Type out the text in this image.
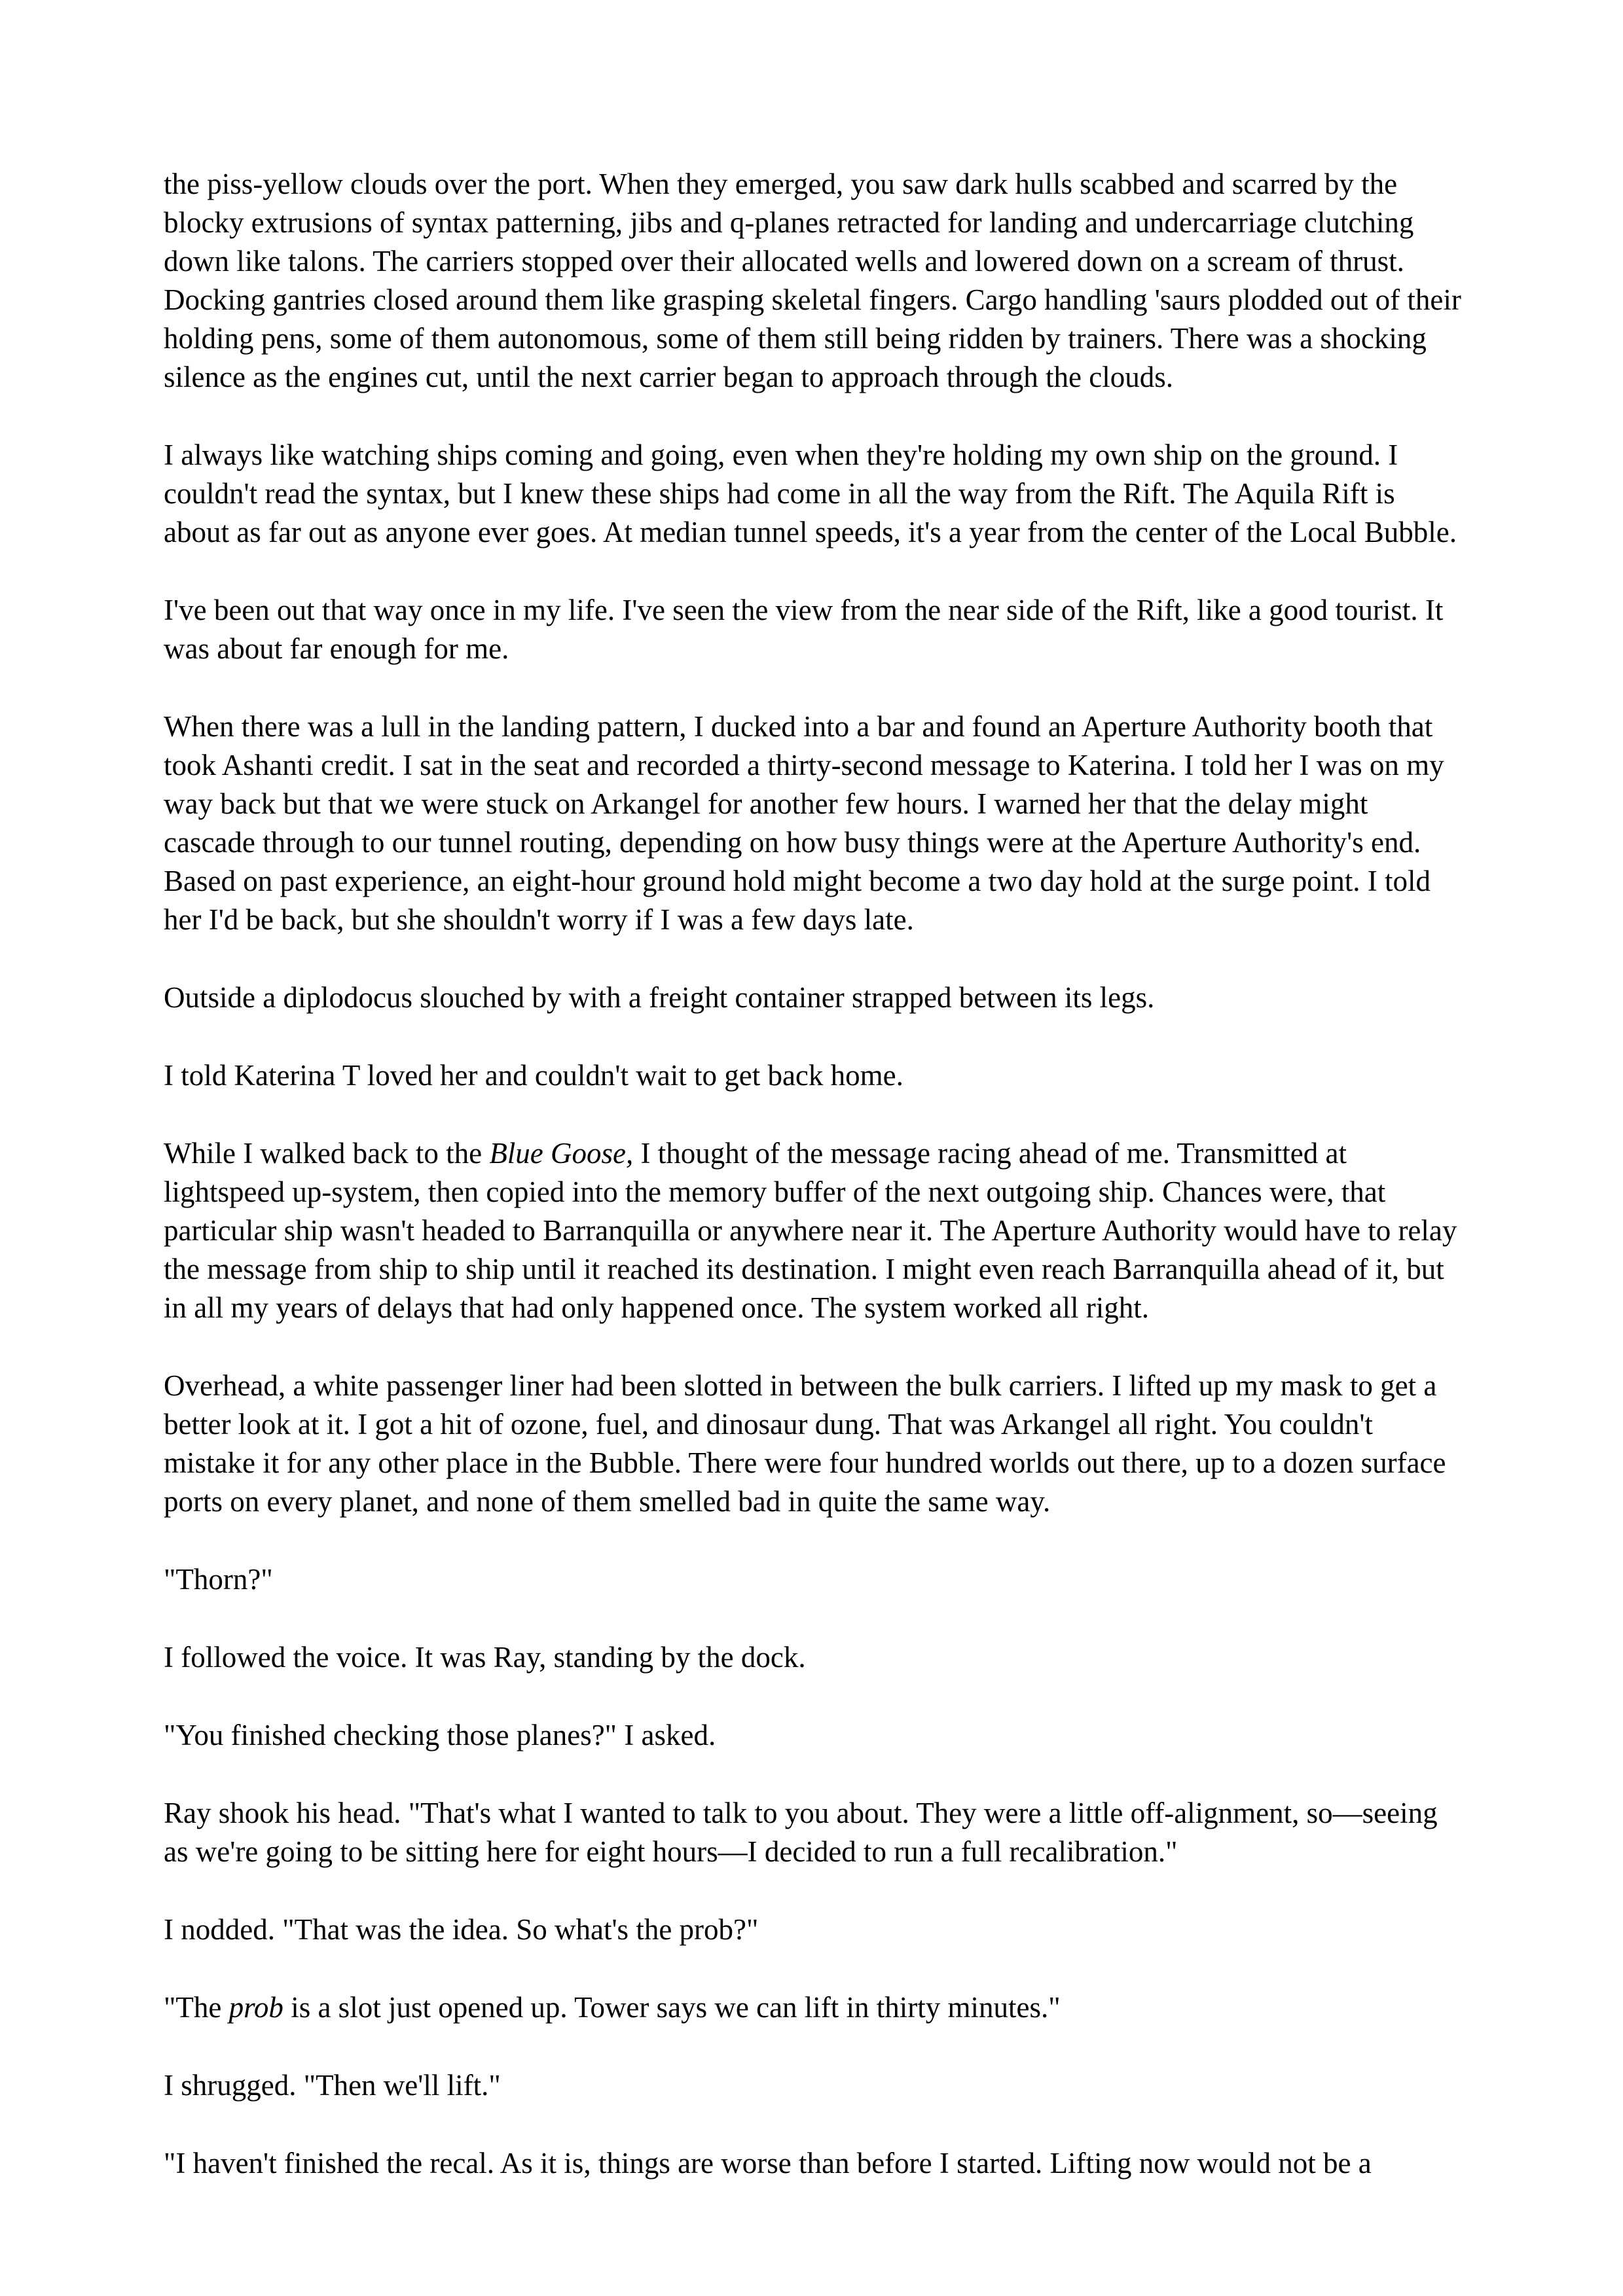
the piss-yellow clouds over the port. When they emerged, you saw dark hulls scabbed and scarred by the blocky extrusions of syntax patterning, jibs and q-planes retracted for landing and undercarriage clutching down like talons. The carriers stopped over their allocated wells and lowered down on a scream of thrust. Docking gantries closed around them like grasping skeletal fingers. Cargo handling 'saurs plodded out of their holding pens, some of them autonomous, some of them still being ridden by trainers. There was a shocking silence as the engines cut, until the next carrier began to approach through the clouds.

I always like watching ships coming and going, even when they're holding my own ship on the ground. I couldn't read the syntax, but I knew these ships had come in all the way from the Rift. The Aquila Rift is about as far out as anyone ever goes. At median tunnel speeds, it's a year from the center of the Local Bubble.

I've been out that way once in my life. I've seen the view from the near side of the Rift, like a good tourist. It was about far enough for me.

When there was a lull in the landing pattern, I ducked into a bar and found an Aperture Authority booth that took Ashanti credit. I sat in the seat and recorded a thirty-second message to Katerina. I told her I was on my way back but that we were stuck on Arkangel for another few hours. I warned her that the delay might cascade through to our tunnel routing, depending on how busy things were at the Aperture Authority's end. Based on past experience, an eight-hour ground hold might become a two day hold at the surge point. I told her I'd be back, but she shouldn't worry if I was a few days late.

Outside a diplodocus slouched by with a freight container strapped between its legs.

I told Katerina T loved her and couldn't wait to get back home.

While I walked back to the Blue Goose, I thought of the message racing ahead of me. Transmitted at lightspeed up-system, then copied into the memory buffer of the next outgoing ship. Chances were, that particular ship wasn't headed to Barranquilla or anywhere near it. The Aperture Authority would have to relay the message from ship to ship until it reached its destination. I might even reach Barranquilla ahead of it, but in all my years of delays that had only happened once. The system worked all right.

Overhead, a white passenger liner had been slotted in between the bulk carriers. I lifted up my mask to get a better look at it. I got a hit of ozone, fuel, and dinosaur dung. That was Arkangel all right. You couldn't mistake it for any other place in the Bubble. There were four hundred worlds out there, up to a dozen surface ports on every planet, and none of them smelled bad in quite the same way.

"Thorn?"

I followed the voice. It was Ray, standing by the dock.

"You finished checking those planes?" I asked.

Ray shook his head. "That's what I wanted to talk to you about. They were a little off-alignment, so—seeing as we're going to be sitting here for eight hours—I decided to run a full recalibration."

I nodded. "That was the idea. So what's the prob?"

"The prob is a slot just opened up. Tower says we can lift in thirty minutes."

I shrugged. "Then we'll lift."

"I haven't finished the recal. As it is, things are worse than before I started. Lifting now would not be a
